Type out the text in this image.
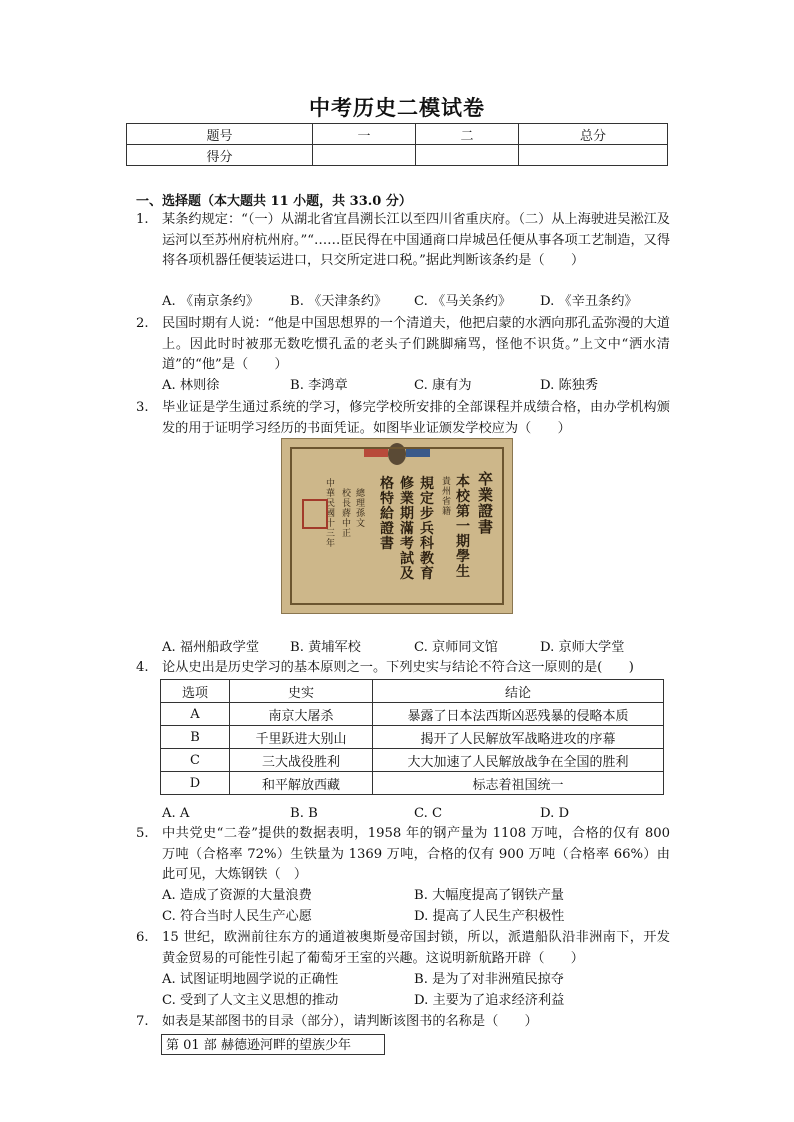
中考历史二模试卷
题号	一	二	总分
得分			
一、选择题（本大题共 11 小题，共 33.0 分）
1. 某条约规定：“（一）从湖北省宜昌溯长江以至四川省重庆府。（二）从上海驶进吴淞江及运河以至苏州府杭州府。”“……臣民得在中国通商口岸城邑任便从事各项工艺制造，又得将各项机器任便装运进口，只交所定进口税。”据此判断该条约是（　　）
A. 《南京条约》 B. 《天津条约》 C. 《马关条约》 D. 《辛丑条约》
2. 民国时期有人说：“他是中国思想界的一个清道夫，他把启蒙的水洒向那孔孟弥漫的大道上。因此时时被那无数吃惯孔孟的老头子们跳脚痛骂，怪他不识货。”上文中“洒水清道”的“他”是（　　）
A. 林则徐	B. 李鸿章	C. 康有为	D. 陈独秀
3. 毕业证是学生通过系统的学习，修完学校所安排的全部课程并成绩合格，由办学机构颁发的用于证明学习经历的书面凭证。如图毕业证颁发学校应为（　　）
卒業證書
本校第一期學生
貴州省籍
規定步兵科教育
修業期滿考試及
格特給證書
總理孫文
校長蔣中正
中華民國十三年
A. 福州船政学堂 B. 黄埔军校	C. 京师同文馆	D. 京师大学堂
4. 论从史出是历史学习的基本原则之一。下列史实与结论不符合这一原则的是(　　)
选项	史实	结论
A	南京大屠杀	暴露了日本法西斯凶恶残暴的侵略本质
B	千里跃进大别山	揭开了人民解放军战略进攻的序幕
C	三大战役胜利	大大加速了人民解放战争在全国的胜利
D	和平解放西藏	标志着祖国统一
A. A	B. B	C. C	D. D
5. 中共党史“二卷”提供的数据表明，1958 年的钢产量为 1108 万吨，合格的仅有 800 万吨（合格率 72%）生铁量为 1369 万吨，合格的仅有 900 万吨（合格率 66%）由此可见，大炼钢铁（　）
A. 造成了资源的大量浪费	B. 大幅度提高了钢铁产量
C. 符合当时人民生产心愿	D. 提高了人民生产积极性
6. 15 世纪，欧洲前往东方的通道被奥斯曼帝国封锁，所以，派遣船队沿非洲南下，开发黄金贸易的可能性引起了葡萄牙王室的兴趣。这说明新航路开辟（　　）
A. 试图证明地圆学说的正确性	B. 是为了对非洲殖民掠夺
C. 受到了人文主义思想的推动	D. 主要为了追求经济利益
7. 如表是某部图书的目录（部分），请判断该图书的名称是（　　）
第 01 部 赫德逊河畔的望族少年
